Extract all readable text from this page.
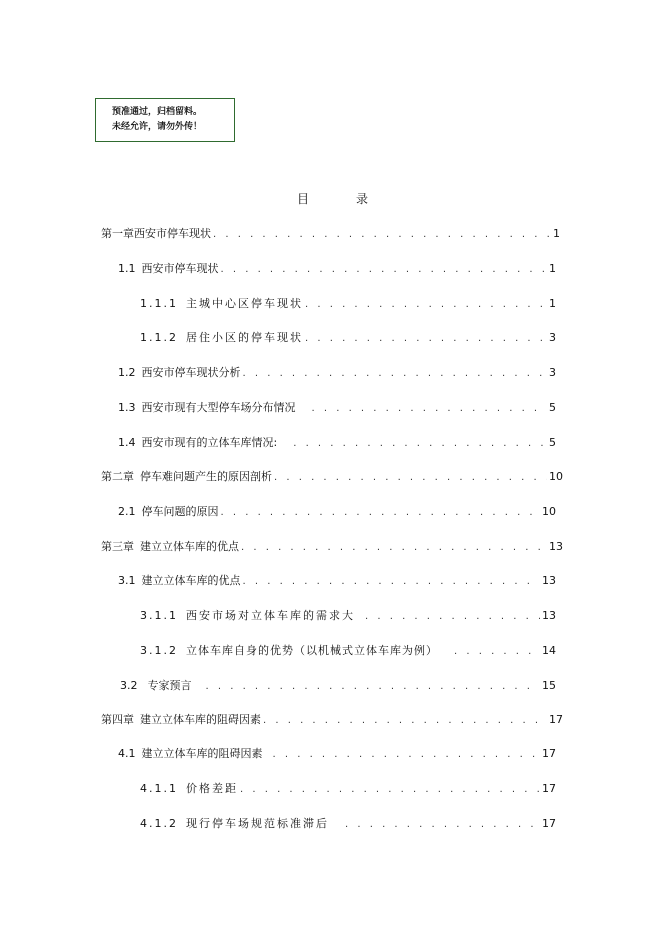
预准通过，归档留料。
未经允许，请勿外传！
目	录
第一章 西安市停车现状 . . .	1
1.1 西安市停车现状 . . .	1
1.1.1 主城中心区停车现状 . . .	1
1.1.2 居住小区的停车现状 . . .	3
1.2 西安市停车现状分析 . . .	3
1.3 西安市现有大型停车场分布情况 . . .	5
1.4 西安市现有的立体车库情况: . . .	5
第二章 停车难问题产生的原因剖析 . . .	10
2.1 停车问题的原因 . . .	10
第三章 建立立体车库的优点 . . .	13
3.1 建立立体车库的优点 . . .	13
3.1.1 西安市场对立体车库的需求大 . . .	13
3.1.2 立体车库自身的优势（以机械式立体车库为例） . . .	14
3.2 专家预言 . . .	15
第四章 建立立体车库的阻碍因素 . . .	17
4.1 建立立体车库的阻碍因素 . . .	17
4.1.1 价格差距 . . .	17
4.1.2 现行停车场规范标准滞后 . . .	17
